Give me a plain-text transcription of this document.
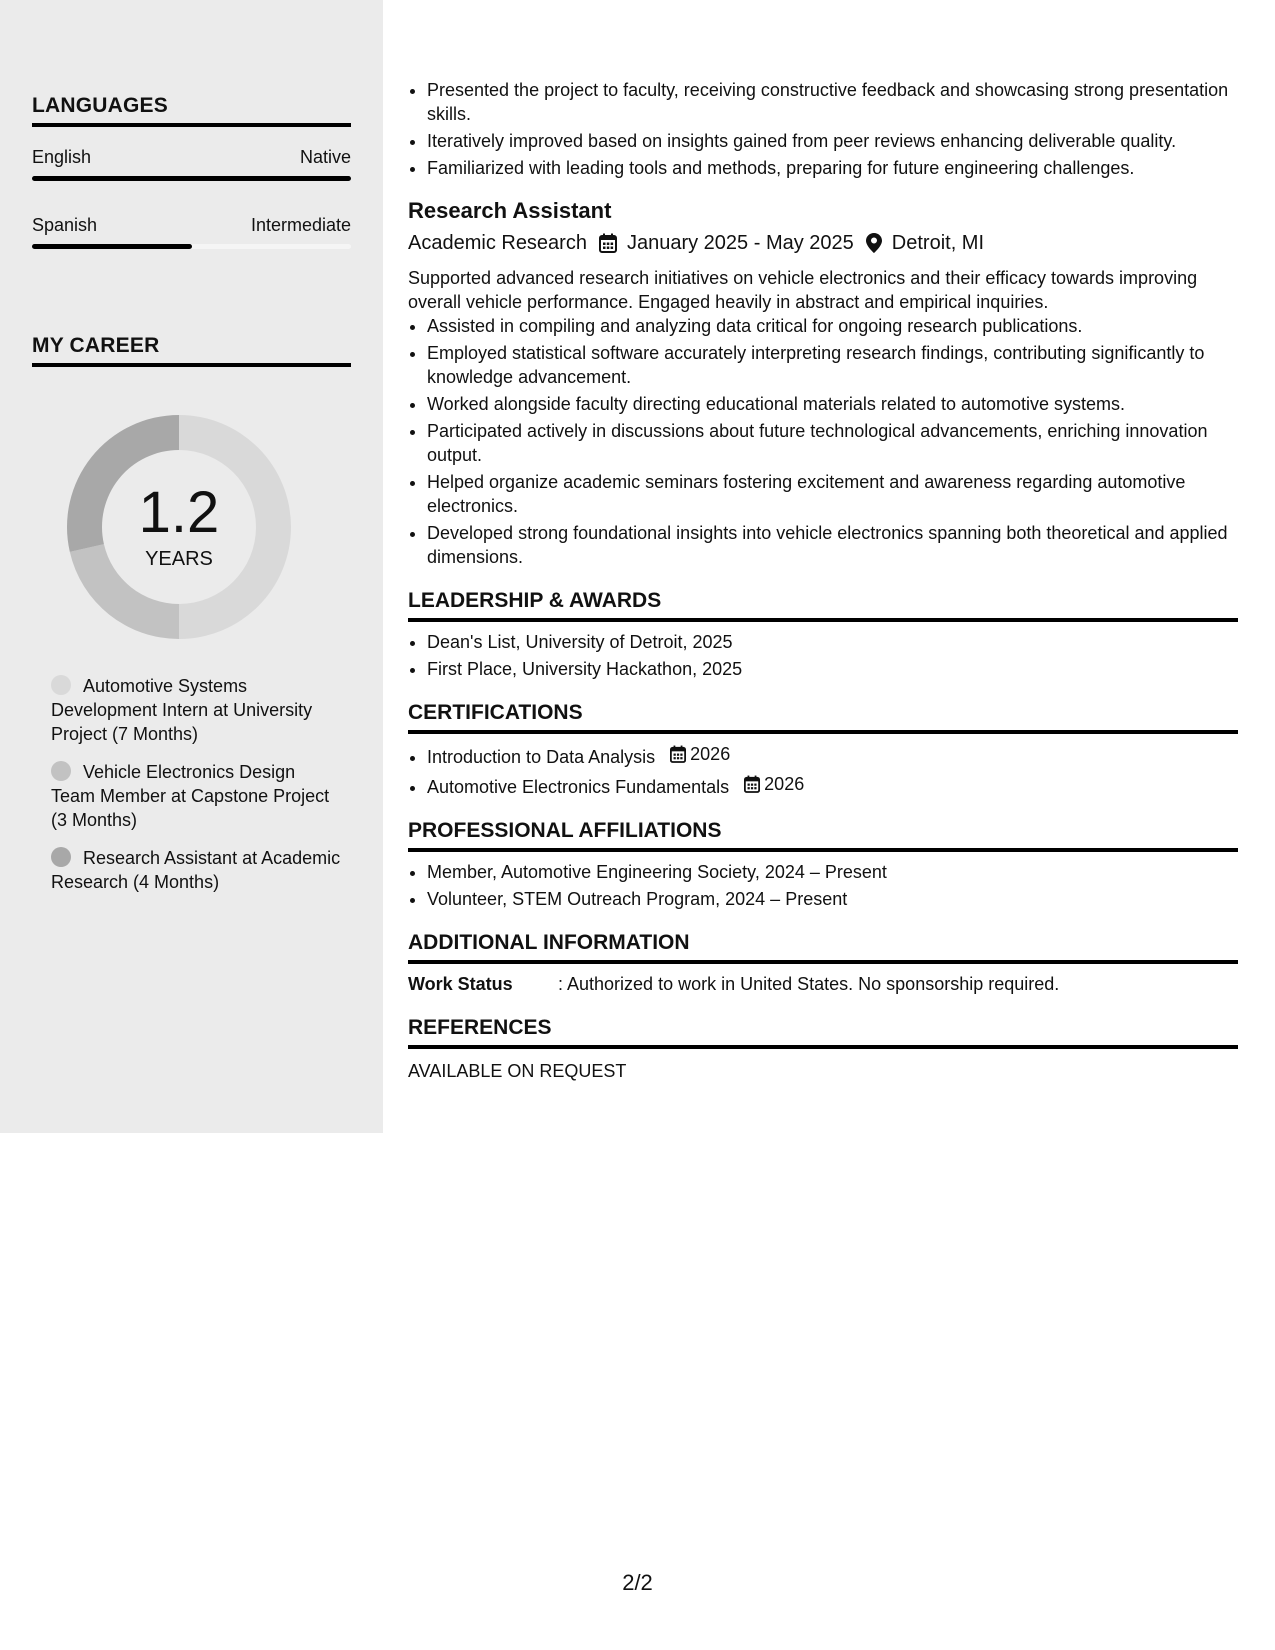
LANGUAGES
English	Native
Spanish	Intermediate
MY CAREER
1.2
YEARS
Automotive Systems Development Intern at University Project (7 Months)
Vehicle Electronics Design Team Member at Capstone Project (3 Months)
Research Assistant at Academic Research (4 Months)
• Presented the project to faculty, receiving constructive feedback and showcasing strong presentation skills.
• Iteratively improved based on insights gained from peer reviews enhancing deliverable quality.
• Familiarized with leading tools and methods, preparing for future engineering challenges.
Research Assistant
Academic Research January 2025 - May 2025 Detroit, MI
Supported advanced research initiatives on vehicle electronics and their efficacy towards improving overall vehicle performance. Engaged heavily in abstract and empirical inquiries.
• Assisted in compiling and analyzing data critical for ongoing research publications.
• Employed statistical software accurately interpreting research findings, contributing significantly to knowledge advancement.
• Worked alongside faculty directing educational materials related to automotive systems.
• Participated actively in discussions about future technological advancements, enriching innovation output.
• Helped organize academic seminars fostering excitement and awareness regarding automotive electronics.
• Developed strong foundational insights into vehicle electronics spanning both theoretical and applied dimensions.
LEADERSHIP & AWARDS
• Dean's List, University of Detroit, 2025
• First Place, University Hackathon, 2025
CERTIFICATIONS
• Introduction to Data Analysis 2026
• Automotive Electronics Fundamentals 2026
PROFESSIONAL AFFILIATIONS
• Member, Automotive Engineering Society, 2024 – Present
• Volunteer, STEM Outreach Program, 2024 – Present
ADDITIONAL INFORMATION
Work Status	: Authorized to work in United States. No sponsorship required.
REFERENCES
AVAILABLE ON REQUEST
2/2
